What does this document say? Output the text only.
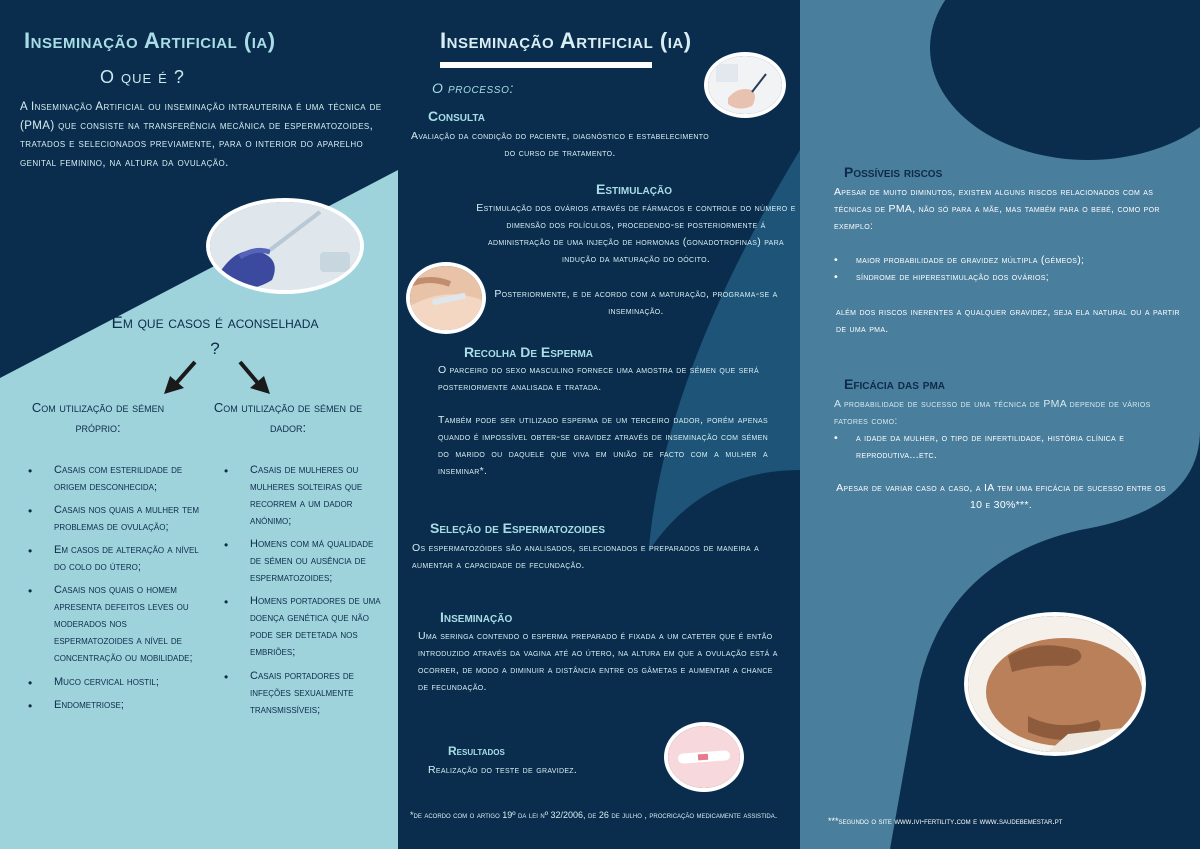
Inseminação Artificial (ia)
O que é ?

A Inseminação Artificial ou inseminação intrauterina é uma técnica de (PMA) que consiste na transferência mecânica de espermatozoides, tratados e selecionados previamente, para o interior do aparelho genital feminino, na altura da ovulação.

Em que casos é aconselhada ?
Com utilização de sémen próprio:
Com utilização de sémen de dador:
• Casais com esterilidade de origem desconhecida;
• Casais nos quais a mulher tem problemas de ovulação;
• Em casos de alteração a nível do colo do útero;
• Casais nos quais o homem apresenta defeitos leves ou moderados nos espermatozoides a nível de concentração ou mobilidade;
• Muco cervical hostil;
• Endometriose;
• Casais de mulheres ou mulheres solteiras que recorrem a um dador anónimo;
• Homens com má qualidade de sémen ou ausência de espermatozoides;
• Homens portadores de uma doença genética que não pode ser detetada nos embriões;
• Casais portadores de infeções sexualmente transmissíveis;
Inseminação Artificial (ia)
O processo:
Consulta

Avaliação da condição do paciente, diagnóstico e estabelecimento do curso de tratamento.

Estimulação

Estimulação dos ovários através de fármacos e controle do número e dimensão dos folículos, procedendo-se posteriormente á administração de uma injeção de hormonas (gonadotrofinas) para indução da maturação do oócito.

Posteriormente, e de acordo com a maturação, programa-se a inseminação.

Recolha De Esperma

O parceiro do sexo masculino fornece uma amostra de sémen que será posteriormente analisada e tratada.

Também pode ser utilizado esperma de um terceiro dador, porém apenas quando é impossível obter-se gravidez através de inseminação com sémen do marido ou daquele que viva em união de facto com a mulher a inseminar*.

Seleção de Espermatozoides

Os espermatozóides são analisados, selecionados e preparados de maneira a aumentar a capacidade de fecundação.

Inseminação

Uma seringa contendo o esperma preparado é fixada a um cateter que é então introduzido através da vagina até ao útero, na altura em que a ovulação está a ocorrer, de modo a diminuir a distância entre os gâmetas e aumentar a chance de fecundação.

Resultados

Realização do teste de gravidez.

*de acordo com o artigo 19º da lei nº 32/2006, de 26 de julho , procricação medicamente assistida.

Possíveis riscos

Apesar de muito diminutos, existem alguns riscos relacionados com as técnicas de PMA, não só para a mãe, mas também para o bebé, como por exemplo:

• maior probabilidade de gravidez múltipla (gémeos);
• síndrome de hiperestimulação dos ovários;

além dos riscos inerentes a qualquer gravidez, seja ela natural ou a partir de uma pma.

Eficácia das pma

A probabilidade de sucesso de uma técnica de PMA depende de vários fatores como:

• a idade da mulher, o tipo de infertilidade, história clínica e reprodutiva...etc.

Apesar de variar caso a caso, a IA tem uma eficácia de sucesso entre os 10 e 30%***.

***segundo o site www.ivi-fertility.com e www.saudebemestar.pt
